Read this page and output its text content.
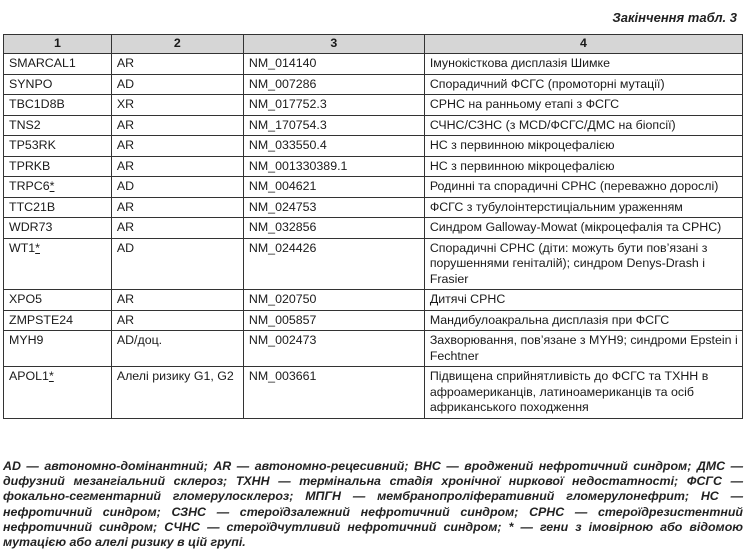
Закінчення табл. 3
1	2	3	4
SMARCAL1	AR	NM_014140	Імунокісткова дисплазія Шимке
SYNPO	AD	NM_007286	Спорадичний ФСГС (промоторні мутації)
TBC1D8B	XR	NM_017752.3	СРНС на ранньому етапі з ФСГС
TNS2	AR	NM_170754.3	СЧНС/СЗНС (з MCD/ФСГС/ДМС на біопсії)
TP53RK	AR	NM_033550.4	НС з первинною мікроцефалією
TPRKB	AR	NM_001330389.1	НС з первинною мікроцефалією
TRPC6*	AD	NM_004621	Родинні та спорадичні СРНС (переважно дорослі)
TTC21B	AR	NM_024753	ФСГС з тубулоінтерстиціальним ураженням
WDR73	AR	NM_032856	Синдром Galloway-Mowat (мікроцефалія та СРНС)
WT1*	AD	NM_024426	Спорадичні СРНС (діти: можуть бути пов’язані з порушеннями геніталій); синдром Denys-Drash і Frasier
XPO5	AR	NM_020750	Дитячі СРНС
ZMPSTE24	AR	NM_005857	Мандибулоакральна дисплазія при ФСГС
MYH9	AD/доц.	NM_002473	Захворювання, пов’язане з MYH9; синдроми Epstein і Fechtner
APOL1*	Алелі ризику G1, G2	NM_003661	Підвищена сприйнятливість до ФСГС та ТХНН в афроамериканців, латиноамериканців та осіб африканського походження
AD — автономно-домінантний; AR — автономно-рецесивний; ВНС — вроджений нефротичний синдром; ДМС — дифузний мезангіальний склероз; ТХНН — термінальна стадія хронічної ниркової недостатності; ФСГС — фокально-сегментарний гломерулосклероз; МПГН — мембранопроліферативний гломерулонефрит; НС — нефротичний синдром; СЗНС — стероїдзалежний нефротичний синдром; СРНС — стероїдрезистентний нефротичний синдром; СЧНС — стероїдчутливий нефротичний синдром; * — гени з імовірною або відомою мутацією або алелі ризику в цій групі.
